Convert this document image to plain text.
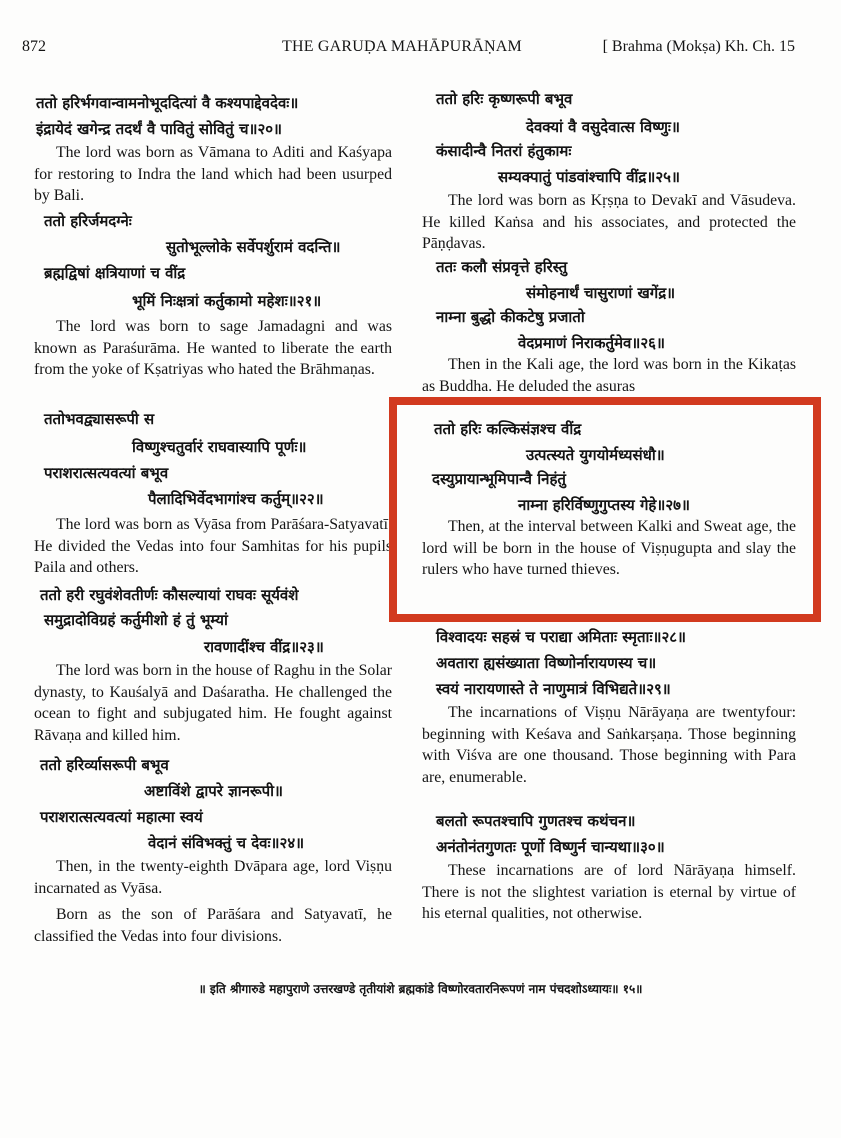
872	THE GARUḌA MAHĀPURĀṆAM	[ Brahma (Mokṣa) Kh. Ch. 15
ततो हरिर्भगवान्वामनोभूददित्यां वै कश्यपाद्देवदेवः॥
इंद्रायेदं खगेन्द्र तदर्थं वै पावितुं सोवितुं च॥२०॥
The lord was born as Vāmana to Aditi and Kaśyapa for restoring to Indra the land which had been usurped by Bali.
ततो हरिर्जमदग्नेः
सुतोभूल्लोके सर्वेपर्शुरामं वदन्ति॥
ब्रह्मद्विषां क्षत्रियाणां च वींद्र
भूमिं निःक्षत्रां कर्तुकामो महेशः॥२१॥
The lord was born to sage Jamadagni and was known as Paraśurāma. He wanted to liberate the earth from the yoke of Kṣatriyas who hated the Brāhmaṇas.
ततोभवद्व्यासरूपी स
विष्णुश्चतुर्वारं राघवास्यापि पूर्णः॥
पराशरात्सत्यवत्यां बभूव
पैलादिभिर्वेदभागांश्च कर्तुम्॥२२॥
The lord was born as Vyāsa from Parāśara-Satyavatī. He divided the Vedas into four Samhitas for his pupils Paila and others.
ततो हरी रघुवंशेवतीर्णः कौसल्यायां राघवः सूर्यवंशे
समुद्रादोविग्रहं कर्तुमीशो हं तुं भूम्यां
रावणादींश्च वींद्र॥२३॥
The lord was born in the house of Raghu in the Solar dynasty, to Kauśalyā and Daśaratha. He challenged the ocean to fight and subjugated him. He fought against Rāvaṇa and killed him.
ततो हरिर्व्यासरूपी बभूव
अष्टाविंशे द्वापरे ज्ञानरूपी॥
पराशरात्सत्यवत्यां महात्मा स्वयं
वेदानं संविभक्तुं च देवः॥२४॥
Then, in the twenty-eighth Dvāpara age, lord Viṣṇu incarnated as Vyāsa.
Born as the son of Parāśara and Satyavatī, he classified the Vedas into four divisions.
ततो हरिः कृष्णरूपी बभूव
देवक्यां वै वसुदेवात्स विष्णुः॥
कंसादीन्वै नितरां हंतुकामः
सम्यक्पातुं पांडवांश्चापि वींद्र॥२५॥
The lord was born as Kṛṣṇa to Devakī and Vāsudeva. He killed Kaṅsa and his associates, and protected the Pāṇḍavas.
ततः कलौ संप्रवृत्ते हरिस्तु
संमोहनार्थं चासुराणां खगेंद्र॥
नाम्ना बुद्धो कीकटेषु प्रजातो
वेदप्रमाणं निराकर्तुमेव॥२६॥
Then in the Kali age, the lord was born in the Kikaṭas as Buddha. He deluded the asuras
ततो हरिः कल्किसंज्ञश्च वींद्र
उत्पत्स्यते युगयोर्मध्यसंधौ॥
दस्युप्रायान्भूमिपान्वै निहंतुं
नाम्ना हरिर्विष्णुगुप्तस्य गेहे॥२७॥
Then, at the interval between Kalki and Sweat age, the lord will be born in the house of Viṣṇugupta and slay the rulers who have turned thieves.
विश्वादयः सहस्रं च पराद्या अमिताः स्मृताः॥२८॥
अवतारा ह्यसंख्याता विष्णोर्नारायणस्य च॥
स्वयं नारायणास्ते ते नाणुमात्रं विभिद्यते॥२९॥
The incarnations of Viṣṇu Nārāyaṇa are twentyfour: beginning with Keśava and Saṅkarṣaṇa. Those beginning with Viśva are one thousand. Those beginning with Para are, enumerable.
बलतो रूपतश्चापि गुणतश्च कथंचन॥
अनंतोनंतगुणतः पूर्णो विष्णुर्न चान्यथा॥३०॥
These incarnations are of lord Nārāyaṇa himself. There is not the slightest variation is eternal by virtue of his eternal qualities, not otherwise.
॥ इति श्रीगारुडे महापुराणे उत्तरखण्डे तृतीयांशे ब्रह्मकांडे विष्णोरवतारनिरूपणं नाम पंचदशोऽध्यायः॥ १५॥
